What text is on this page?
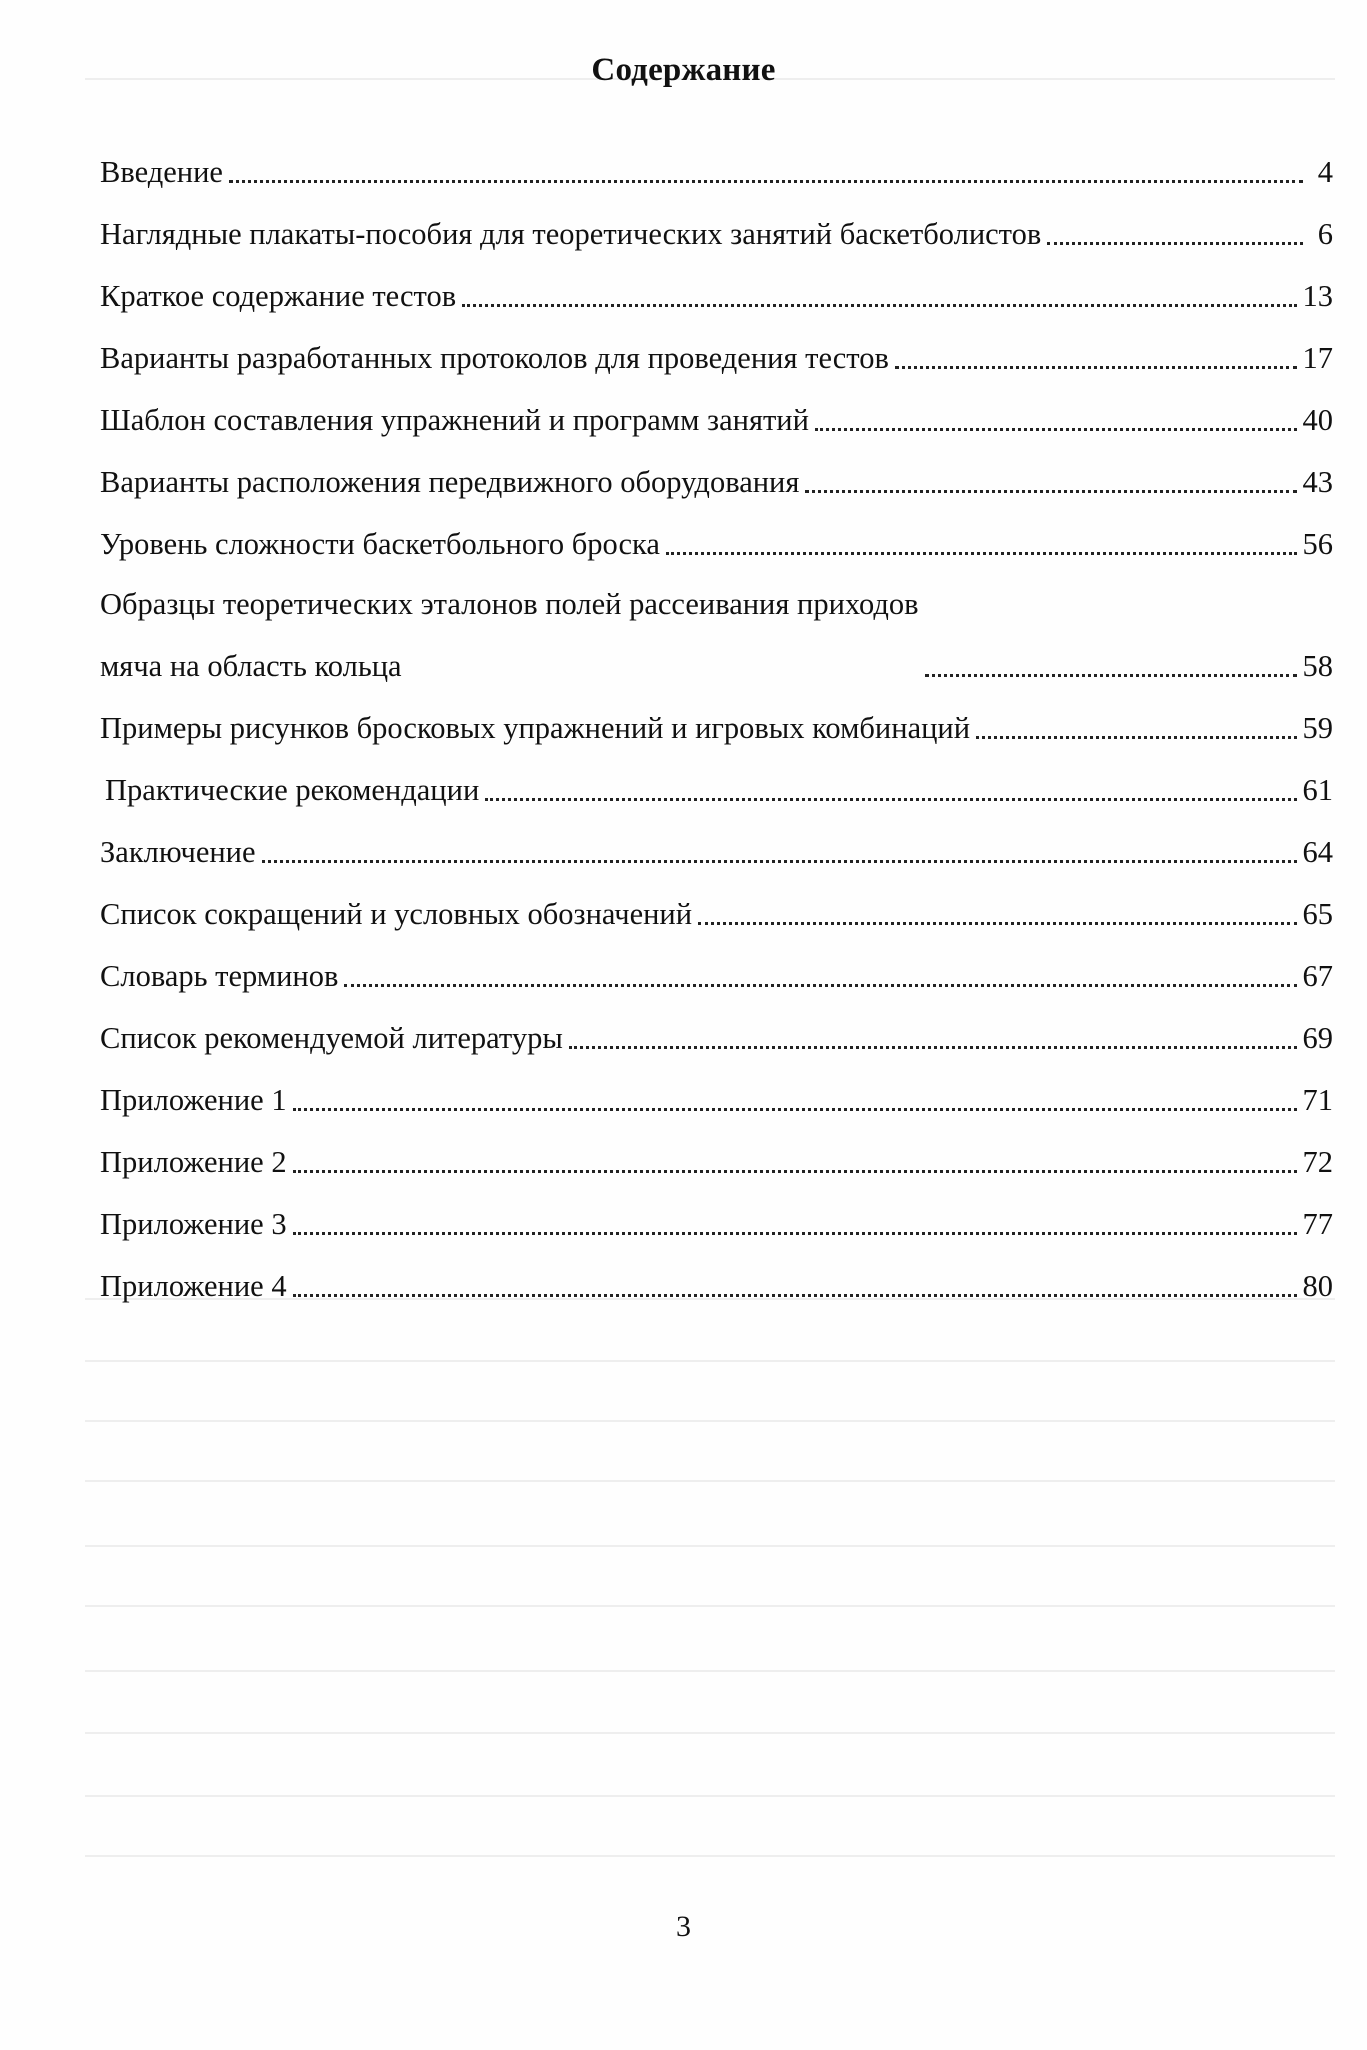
Содержание
Введение	4
Наглядные плакаты-пособия для теоретических занятий баскетболистов	6
Краткое содержание тестов	13
Варианты разработанных протоколов для проведения тестов	17
Шаблон составления упражнений и программ занятий	40
Варианты расположения передвижного оборудования	43
Уровень сложности баскетбольного броска	56
Образцы теоретических эталонов полей рассеивания приходов
мяча на область кольца	58
Примеры рисунков бросковых упражнений и игровых комбинаций	59
Практические рекомендации	61
Заключение	64
Список сокращений и условных обозначений	65
Словарь терминов	67
Список рекомендуемой литературы	69
Приложение 1	71
Приложение 2	72
Приложение 3	77
Приложение 4	80
3
